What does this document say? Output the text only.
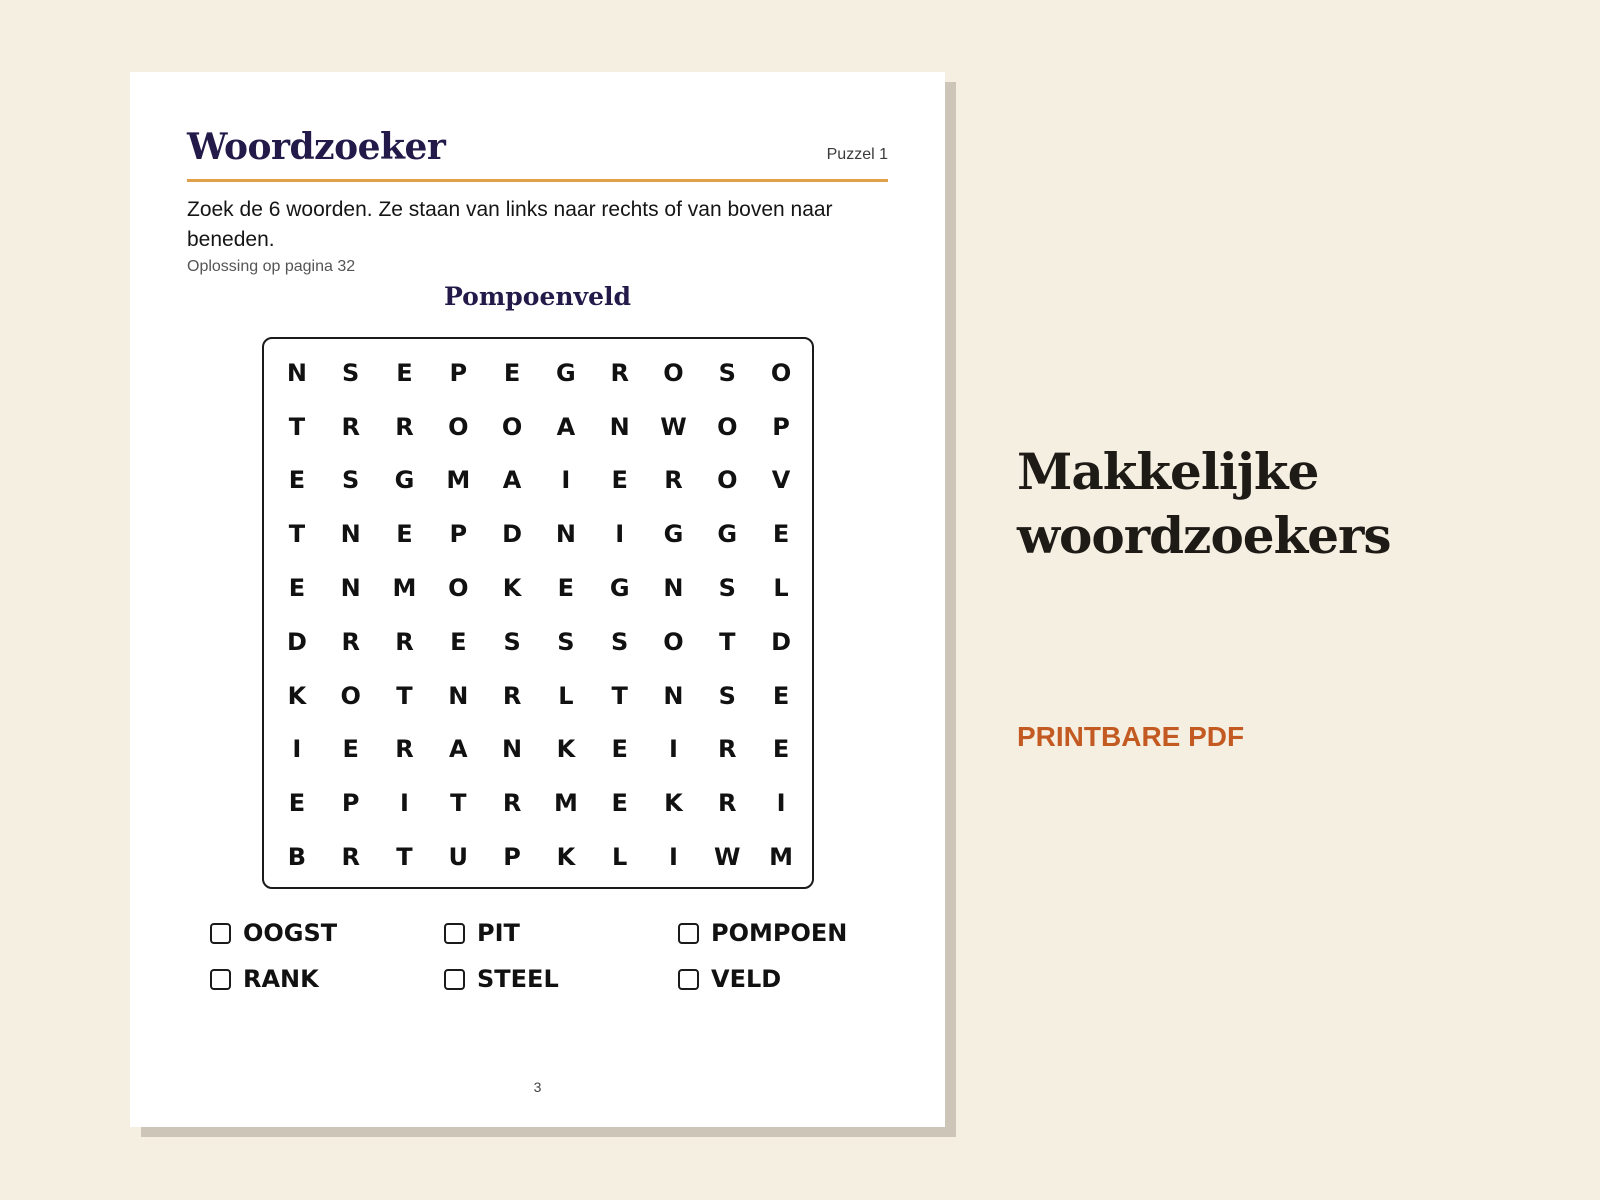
Woordzoeker	Puzzel 1

Zoek de 6 woorden. Ze staan van links naar rechts of van boven naar beneden.

Oplossing op pagina 32
Pompoenveld
N	S	E	P	E	G	R	O	S	O
T	R	R	O	O	A	N	W	O	P
E	S	G	M	A	I	E	R	O	V
T	N	E	P	D	N	I	G	G	E
E	N	M	O	K	E	G	N	S	L
D	R	R	E	S	S	S	O	T	D
K	O	T	N	R	L	T	N	S	E
I	E	R	A	N	K	E	I	R	E
E	P	I	T	R	M	E	K	R	I
B	R	T	U	P	K	L	I	W	M
OOGST	PIT	POMPOEN
RANK	STEEL	VELD
3
Makkelijke
woordzoekers
PRINTBARE PDF
